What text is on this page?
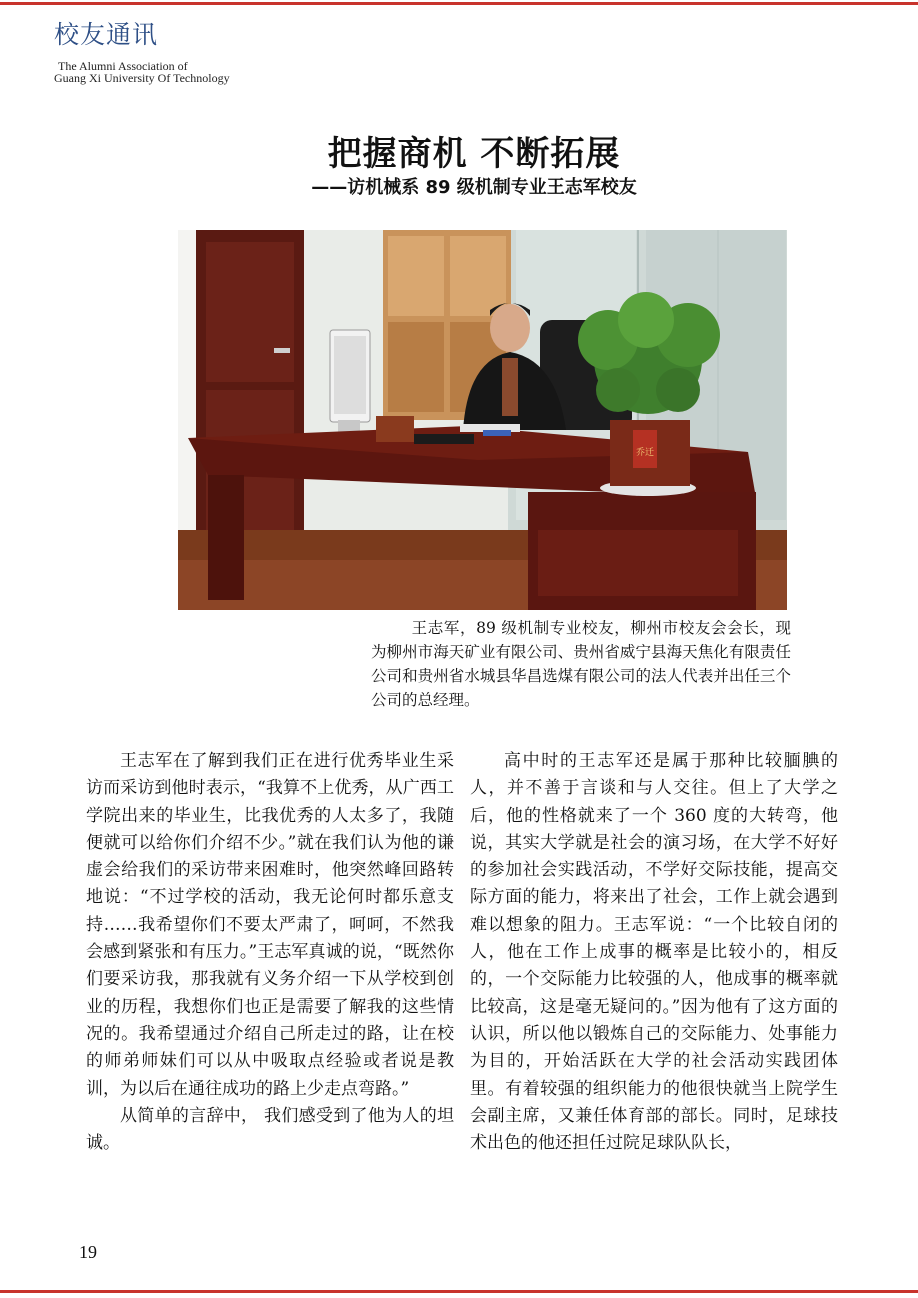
校友通讯
The Alumni Association of
Guang Xi University Of Technology
把握商机 不断拓展
——访机械系 89 级机制专业王志军校友
乔迁

王志军，89 级机制专业校友，柳州市校友会会长，现为柳州市海天矿业有限公司、贵州省威宁县海天焦化有限责任公司和贵州省水城县华昌选煤有限公司的法人代表并出任三个公司的总经理。

王志军在了解到我们正在进行优秀毕业生采访而采访到他时表示，“我算不上优秀，从广西工学院出来的毕业生，比我优秀的人太多了，我随便就可以给你们介绍不少。”就在我们认为他的谦虚会给我们的采访带来困难时，他突然峰回路转地说：“不过学校的活动，我无论何时都乐意支持……我希望你们不要太严肃了，呵呵，不然我会感到紧张和有压力。”王志军真诚的说，“既然你们要采访我，那我就有义务介绍一下从学校到创业的历程，我想你们也正是需要了解我的这些情况的。我希望通过介绍自己所走过的路，让在校的师弟师妹们可以从中吸取点经验或者说是教训，为以后在通往成功的路上少走点弯路。”

从简单的言辞中， 我们感受到了他为人的坦诚。

高中时的王志军还是属于那种比较腼腆的人，并不善于言谈和与人交往。但上了大学之后，他的性格就来了一个 360 度的大转弯，他说，其实大学就是社会的演习场，在大学不好好的参加社会实践活动，不学好交际技能，提高交际方面的能力，将来出了社会，工作上就会遇到难以想象的阻力。王志军说：“一个比较自闭的人，他在工作上成事的概率是比较小的，相反的，一个交际能力比较强的人，他成事的概率就比较高，这是毫无疑问的。”因为他有了这方面的认识，所以他以锻炼自己的交际能力、处事能力为目的，开始活跃在大学的社会活动实践团体里。有着较强的组织能力的他很快就当上院学生会副主席，又兼任体育部的部长。同时，足球技术出色的他还担任过院足球队队长，

19
